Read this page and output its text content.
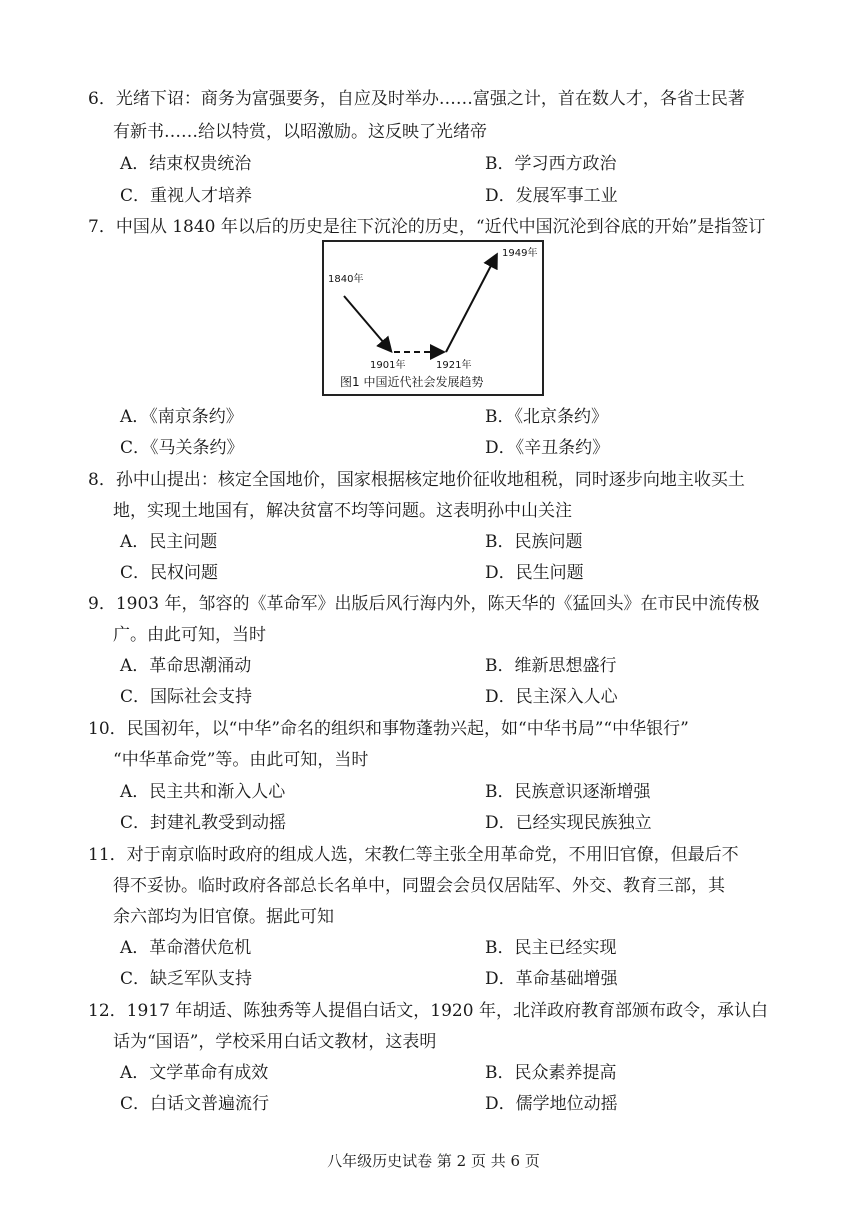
6．光绪下诏：商务为富强要务，自应及时举办……富强之计，首在数人才，各省士民著
有新书……给以特赏，以昭激励。这反映了光绪帝
A．结束权贵统治	B．学习西方政治
C．重视人才培养	D．发展军事工业
7．中国从 1840 年以后的历史是往下沉沦的历史，“近代中国沉沦到谷底的开始”是指签订
1840年
1901年	1921年
1949年
图1 中国近代社会发展趋势
A．《南京条约》	B．《北京条约》
C．《马关条约》	D．《辛丑条约》
8．孙中山提出：核定全国地价，国家根据核定地价征收地租税，同时逐步向地主收买土
地，实现土地国有，解决贫富不均等问题。这表明孙中山关注
A．民主问题	B．民族问题
C．民权问题	D．民生问题
9．1903 年，邹容的《革命军》出版后风行海内外，陈天华的《猛回头》在市民中流传极
广。由此可知，当时
A．革命思潮涌动	B．维新思想盛行
C．国际社会支持	D．民主深入人心
10．民国初年，以“中华”命名的组织和事物蓬勃兴起，如“中华书局”“中华银行”
“中华革命党”等。由此可知，当时
A．民主共和渐入人心	B．民族意识逐渐增强
C．封建礼教受到动摇	D．已经实现民族独立
11．对于南京临时政府的组成人选，宋教仁等主张全用革命党，不用旧官僚，但最后不
得不妥协。临时政府各部总长名单中，同盟会会员仅居陆军、外交、教育三部，其
余六部均为旧官僚。据此可知
A．革命潜伏危机	B．民主已经实现
C．缺乏军队支持	D．革命基础增强
12．1917 年胡适、陈独秀等人提倡白话文，1920 年，北洋政府教育部颁布政令，承认白
话为“国语”，学校采用白话文教材，这表明
A．文学革命有成效	B．民众素养提高
C．白话文普遍流行	D．儒学地位动摇
八年级历史试卷 第 2 页 共 6 页
